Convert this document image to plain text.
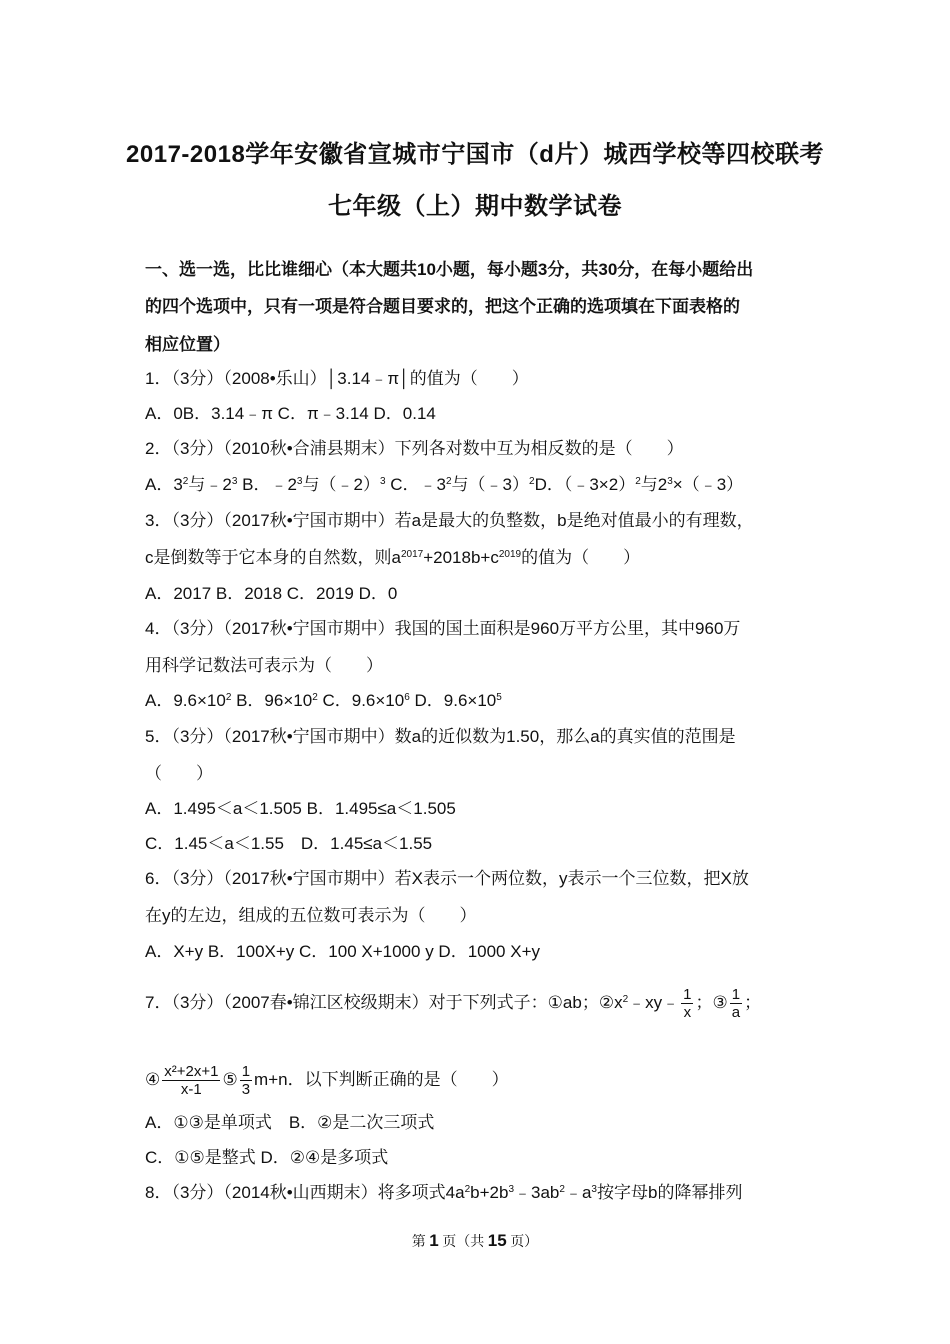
2017-2018学年安徽省宣城市宁国市（d片）城西学校等四校联考
七年级（上）期中数学试卷
一、选一选，比比谁细心（本大题共10小题，每小题3分，共30分，在每小题给出
的四个选项中，只有一项是符合题目要求的，把这个正确的选项填在下面表格的
相应位置）
1．（3分）（2008•乐山）│3.14﹣π│的值为（　　）
A．0B．3.14﹣π C．π﹣3.14 D．0.14
2．（3分）（2010秋•合浦县期末）下列各对数中互为相反数的是（　　）
A．$3^2$与$﹣2^3$ B．$﹣2^3$与（﹣2）$^3$ C．$﹣3^2$与（﹣3）$^2$D．（﹣3×2）$^2$与$2^3\times(﹣3)$
3．（3分）（2017秋•宁国市期中）若a是最大的负整数，b是绝对值最小的有理数，
c是倒数等于它本身的自然数，则$a^{2017}+2018b+c^{2019}$的值为（　　）
A．2017 B．2018 C．2019 D．0
4．（3分）（2017秋•宁国市期中）我国的国土面积是960万平方公里，其中960万
用科学记数法可表示为（　　）
A．$9.6\times 10^2$ B．$96\times 10^2$ C．$9.6\times 10^6$ D．$9.6\times 10^5$
5．（3分）（2017秋•宁国市期中）数a的近似数为1.50，那么a的真实值的范围是
（　　）
A．1.495＜a＜1.505 B．1.495≤a＜1.505
C．1.45＜a＜1.55　D．1.45≤a＜1.55
6．（3分）（2017秋•宁国市期中）若X表示一个两位数，y表示一个三位数，把X放
在y的左边，组成的五位数可表示为（　　）
A．X+y B．100X+y C．100 X+1000 y D．1000 X+y
7．（3分）（2007春•锦江区校级期末）对于下列式子：①ab；$②x^2﹣xy﹣ \frac{1}{x}$ ；③ $\frac{1}{a}$ ；
④ $\frac{\text{x²+2x+1}}{x-1}$ ⑤ $\frac{1}{3} m+n$．以下判断正确的是（　　）
A．①③是单项式　B．②是二次三项式
C．①⑤是整式 D．②④是多项式
8．（3分）（2014秋•山西期末）将多项式$4a^2b+2b^3﹣3ab^2﹣a^3$按字母b的降幂排列
第 1 页（共 15 页）
